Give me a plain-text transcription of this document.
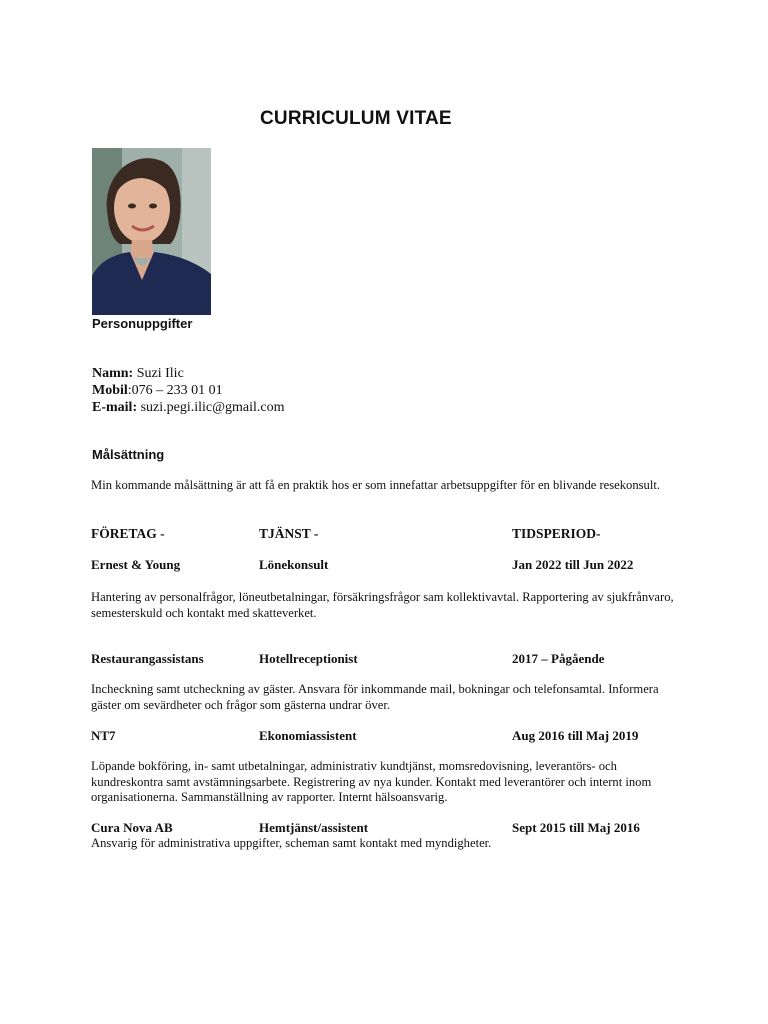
CURRICULUM VITAE
Personuppgifter
Namn: Suzi Ilic
Mobil:076 – 233 01 01
E-mail: suzi.pegi.ilic@gmail.com
Målsättning

Min kommande målsättning är att få en praktik hos er som innefattar arbetsuppgifter för en blivande resekonsult.

FÖRETAG -	TJÄNST -	TIDSPERIOD-
Ernest & Young	Lönekonsult	Jan 2022 till Jun 2022

Hantering av personalfrågor, löneutbetalningar, försäkringsfrågor sam kollektivavtal. Rapportering av sjukfrånvaro, semesterskuld och kontakt med skatteverket.

Restaurangassistans	Hotellreceptionist	2017 – Pågående

Incheckning samt utcheckning av gäster. Ansvara för inkommande mail, bokningar och telefonsamtal. Informera gäster om sevärdheter och frågor som gästerna undrar över.

NT7	Ekonomiassistent	Aug 2016 till Maj 2019

Löpande bokföring, in- samt utbetalningar, administrativ kundtjänst, momsredovisning, leverantörs- och kundreskontra samt avstämningsarbete. Registrering av nya kunder. Kontakt med leverantörer och internt inom organisationerna. Sammanställning av rapporter. Internt hälsoansvarig.

Cura Nova AB	Hemtjänst/assistent	Sept 2015 till Maj 2016

Ansvarig för administrativa uppgifter, scheman samt kontakt med myndigheter.
